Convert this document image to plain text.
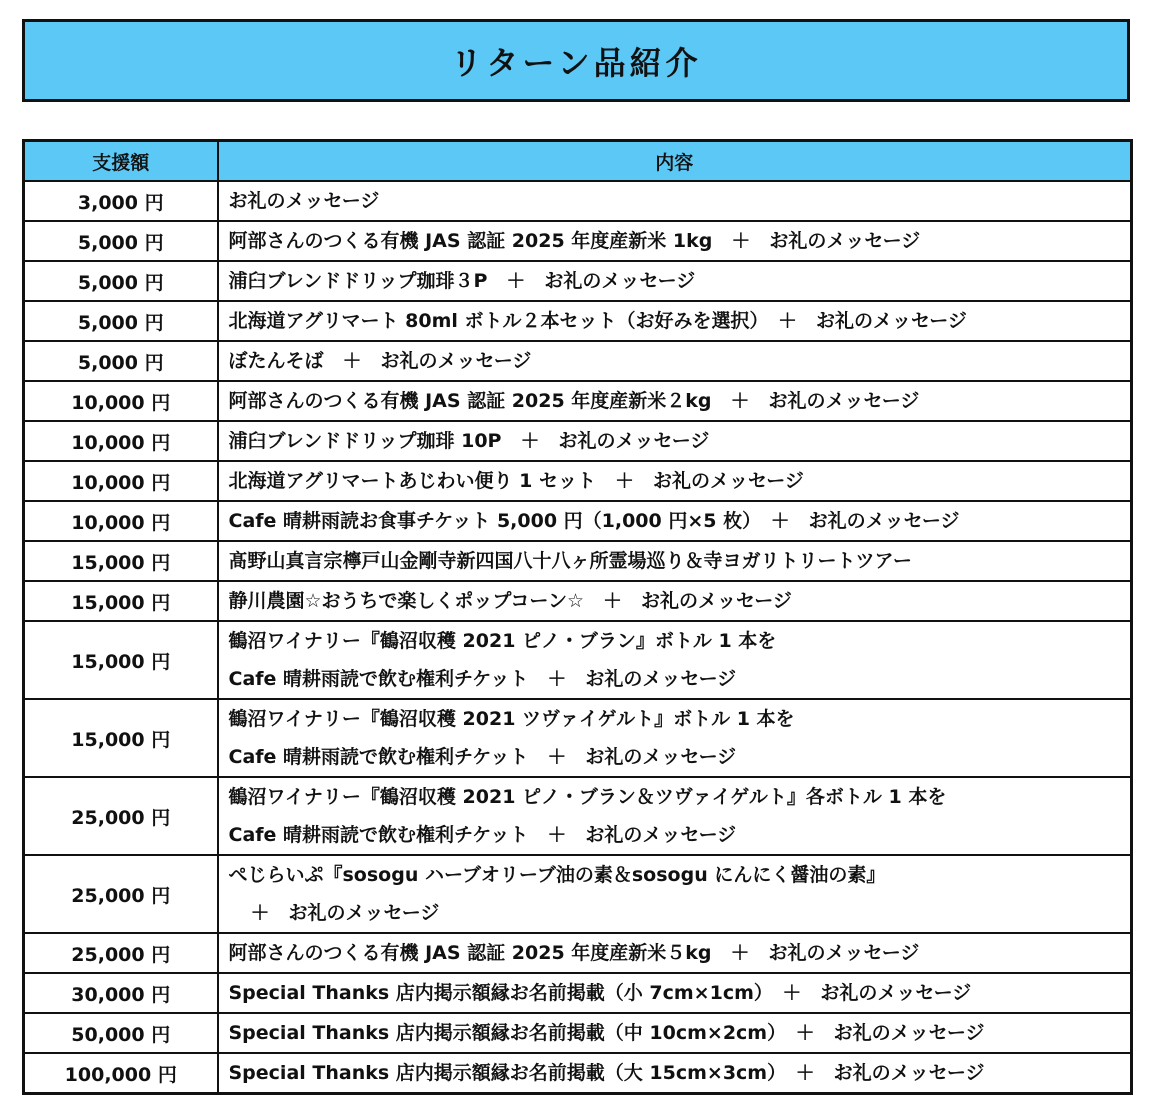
リターン品紹介
支援額	内容
3,000 円	お礼のメッセージ

5,000 円	阿部さんのつくる有機 JAS 認証 2025 年度産新米 1kg　＋　お礼のメッセージ

5,000 円	浦臼ブレンドドリップ珈琲３P　＋　お礼のメッセージ

5,000 円	北海道アグリマート 80ml ボトル２本セット（お好みを選択）　＋　お礼のメッセージ

5,000 円	ぼたんそば　＋　お礼のメッセージ

10,000 円	阿部さんのつくる有機 JAS 認証 2025 年度産新米２kg　＋　お礼のメッセージ

10,000 円	浦臼ブレンドドリップ珈琲 10P　＋　お礼のメッセージ

10,000 円	北海道アグリマートあじわい便り 1 セット　＋　お礼のメッセージ

10,000 円	Cafe 晴耕雨読お食事チケット 5,000 円（1,000 円×5 枚）　＋　お礼のメッセージ

15,000 円	髙野山真言宗檸戸山金剛寺新四国八十八ヶ所霊場巡り＆寺ヨガリトリートツアー

15,000 円	静川農園☆おうちで楽しくポップコーン☆　＋　お礼のメッセージ

15,000 円	鶴沼ワイナリー『鶴沼収穫 2021 ピノ・ブラン』ボトル 1 本を
Cafe 晴耕雨読で飲む権利チケット　＋　お礼のメッセージ

15,000 円	鶴沼ワイナリー『鶴沼収穫 2021 ツヴァイゲルト』ボトル 1 本を
Cafe 晴耕雨読で飲む権利チケット　＋　お礼のメッセージ

25,000 円	鶴沼ワイナリー『鶴沼収穫 2021 ピノ・ブラン＆ツヴァイゲルト』各ボトル 1 本を
Cafe 晴耕雨読で飲む権利チケット　＋　お礼のメッセージ

25,000 円	ぺじらいぷ『sosogu ハーブオリーブ油の素＆sosogu にんにく醤油の素』
＋　お礼のメッセージ

25,000 円	阿部さんのつくる有機 JAS 認証 2025 年度産新米５kg　＋　お礼のメッセージ

30,000 円	Special Thanks 店内掲示額縁お名前掲載（小 7cm×1cm）　＋　お礼のメッセージ

50,000 円	Special Thanks 店内掲示額縁お名前掲載（中 10cm×2cm）　＋　お礼のメッセージ

100,000 円	Special Thanks 店内掲示額縁お名前掲載（大 15cm×3cm）　＋　お礼のメッセージ
